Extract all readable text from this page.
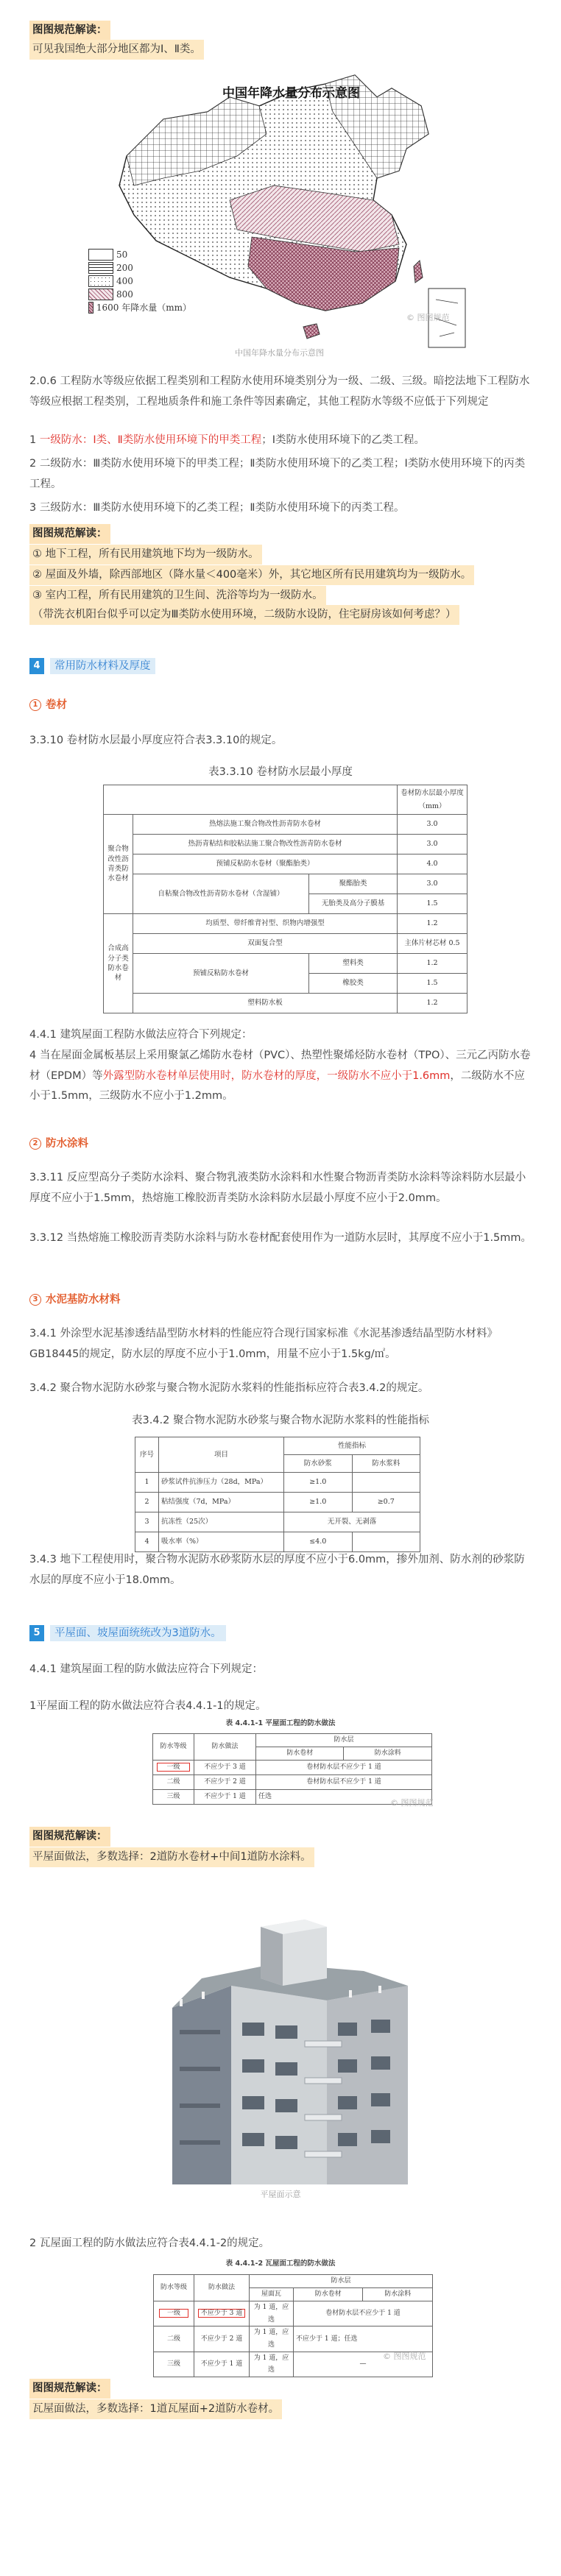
图图规范解读：
可见我国绝大部分地区都为Ⅰ、Ⅱ类。
中国年降水量分布示意图
50
200
400
800
1600 年降水量（mm）
© 图图规范
中国年降水量分布示意图
2.0.6 工程防水等级应依据工程类别和工程防水使用环境类别分为一级、二级、三级。暗挖法地下工程防水等级应根据工程类别，工程地质条件和施工条件等因素确定，其他工程防水等级不应低于下列规定
1 一级防水：Ⅰ类、Ⅱ类防水使用环境下的甲类工程；Ⅰ类防水使用环境下的乙类工程。
2 二级防水：Ⅲ类防水使用环境下的甲类工程；Ⅱ类防水使用环境下的乙类工程；Ⅰ类防水使用环境下的丙类工程。
3 三级防水：Ⅲ类防水使用环境下的乙类工程；Ⅱ类防水使用环境下的丙类工程。
图图规范解读：
① 地下工程，所有民用建筑地下均为一级防水。
② 屋面及外墙，除西部地区（降水量＜400毫米）外，其它地区所有民用建筑均为一级防水。
③ 室内工程，所有民用建筑的卫生间、洗浴等均为一级防水。
（带洗衣机阳台似乎可以定为Ⅲ类防水使用环境，二级防水设防，住宅厨房该如何考虑？）
4	常用防水材料及厚度
1 卷材
3.3.10 卷材防水层最小厚度应符合表3.3.10的规定。
表3.3.10 卷材防水层最小厚度
			卷材防水层最小厚度（mm）
聚合物改性沥青类防水卷材	热熔法施工聚合物改性沥青防水卷材		3.0
	热沥青粘结和胶粘法施工聚合物改性沥青防水卷材		3.0
	预铺反粘防水卷材（聚酯胎类）		4.0
	自粘聚合物改性沥青防水卷材（含湿铺）	聚酯胎类	3.0
		无胎类及高分子膜基	1.5
合成高分子类防水卷材	均质型、带纤维背衬型、织物内增强型		1.2
	双面复合型		主体片材芯材 0.5
	预铺反粘防水卷材	塑料类	1.2
		橡胶类	1.5
	塑料防水板		1.2
4.4.1 建筑屋面工程防水做法应符合下列规定：
4 当在屋面金属板基层上采用聚氯乙烯防水卷材（PVC）、热塑性聚烯烃防水卷材（TPO）、三元乙丙防水卷材（EPDM）等外露型防水卷材单层使用时，防水卷材的厚度，一级防水不应小于1.6mm，二级防水不应小于1.5mm，三级防水不应小于1.2mm。
2 防水涂料
3.3.11 反应型高分子类防水涂料、聚合物乳液类防水涂料和水性聚合物沥青类防水涂料等涂料防水层最小厚度不应小于1.5mm，热熔施工橡胶沥青类防水涂料防水层最小厚度不应小于2.0mm。
3.3.12 当热熔施工橡胶沥青类防水涂料与防水卷材配套使用作为一道防水层时，其厚度不应小于1.5mm。
3 水泥基防水材料
3.4.1 外涂型水泥基渗透结晶型防水材料的性能应符合现行国家标准《水泥基渗透结晶型防水材料》GB18445的规定，防水层的厚度不应小于1.0mm，用量不应小于1.5kg/㎡。
3.4.2 聚合物水泥防水砂浆与聚合物水泥防水浆料的性能指标应符合表3.4.2的规定。
表3.4.2 聚合物水泥防水砂浆与聚合物水泥防水浆料的性能指标
序号	项目	性能指标	
		防水砂浆	防水浆料
1	砂浆试件抗渗压力（28d，MPa）	≥1.0	
2	粘结强度（7d，MPa）	≥1.0	≥0.7
3	抗冻性（25次）	无开裂、无剥落	
4	吸水率（%）	≤4.0	
3.4.3 地下工程使用时，聚合物水泥防水砂浆防水层的厚度不应小于6.0mm，掺外加剂、防水剂的砂浆防水层的厚度不应小于18.0mm。
5	平屋面、坡屋面统统改为3道防水。
4.4.1 建筑屋面工程的防水做法应符合下列规定：
1平屋面工程的防水做法应符合表4.4.1-1的规定。
表 4.4.1-1 平屋面工程的防水做法
防水等级	防水做法	防水层	
		防水卷材	防水涂料
一级	不应少于 3 道	卷材防水层不应少于 1 道	
二级	不应少于 2 道	卷材防水层不应少于 1 道	
三级	不应少于 1 道	任选	
© 图图规范
图图规范解读：
平屋面做法，多数选择：2道防水卷材+中间1道防水涂料。
平屋面示意
2 瓦屋面工程的防水做法应符合表4.4.1-2的规定。
表 4.4.1-2 瓦屋面工程的防水做法
防水等级	防水做法	防水层		
		屋面瓦	防水卷材	防水涂料
一级	不应少于 3 道	为 1 道，应选	卷材防水层不应少于 1 道	
二级	不应少于 2 道	为 1 道，应选	不应少于 1 道；任选	
三级	不应少于 1 道	为 1 道，应选	—	
© 图图规范
图图规范解读：
瓦屋面做法，多数选择：1道瓦屋面+2道防水卷材。
